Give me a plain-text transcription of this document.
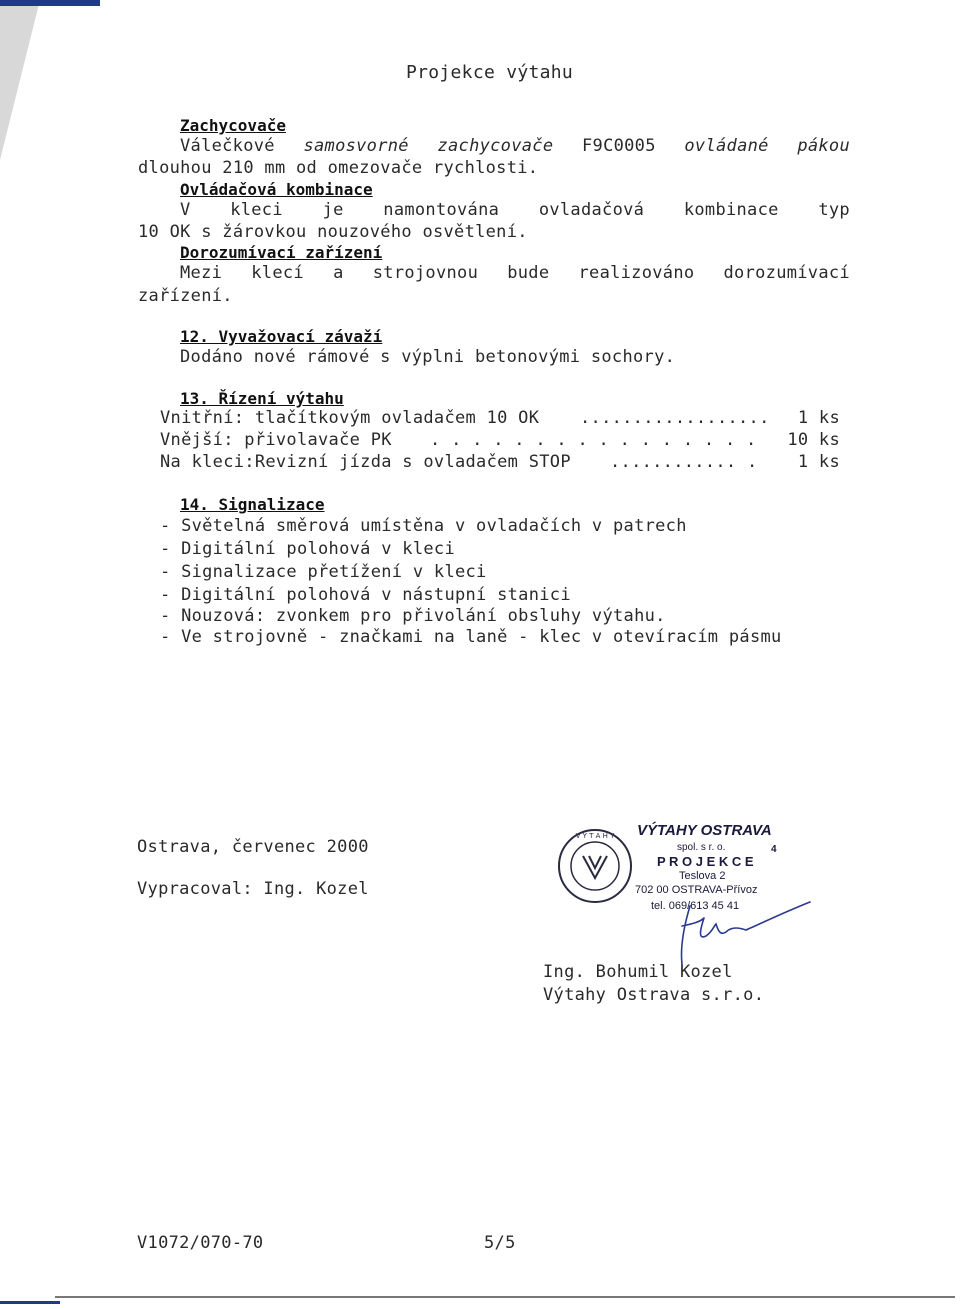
Projekce výtahu
Zachycovače
Válečkové samosvorné zachycovače F9C0005 ovládané pákou
dlouhou 210 mm od omezovače rychlosti.
Ovládačová kombinace
V kleci je namontována ovladačová kombinace typ
10 OK s žárovkou nouzového osvětlení.
Dorozumívací zařízení
Mezi klecí a strojovnou bude realizováno dorozumívací
zařízení.
12. Vyvažovací závaží
Dodáno nové rámové s výplni betonovými sochory.
13. Řízení výtahu
Vnitřní: tlačítkovým ovladačem 10 OK .................. 1 ks
Vnější: přivolavače PK . . . . . . . . . . . . . . . . 10 ks
Na kleci:Revizní jízda s ovladačem STOP ............ . 1 ks
14. Signalizace
- Světelná směrová umístěna v ovladačích v patrech
- Digitální polohová v kleci
- Signalizace přetížení v kleci
- Digitální polohová v nástupní stanici
- Nouzová: zvonkem pro přivolání obsluhy výtahu.
- Ve strojovně - značkami na laně - klec v otevíracím pásmu
Ostrava, červenec 2000
Vypracoval: Ing. Kozel
V Ý T A H Y VÝTAHY OSTRAVA
spol. s r. o.	4
P R O J E K C E
Teslova 2
702 00 OSTRAVA-Přívoz
tel. 069/613 45 41
Ing. Bohumil Kozel
Výtahy Ostrava s.r.o.
V1072/070-70	5/5
